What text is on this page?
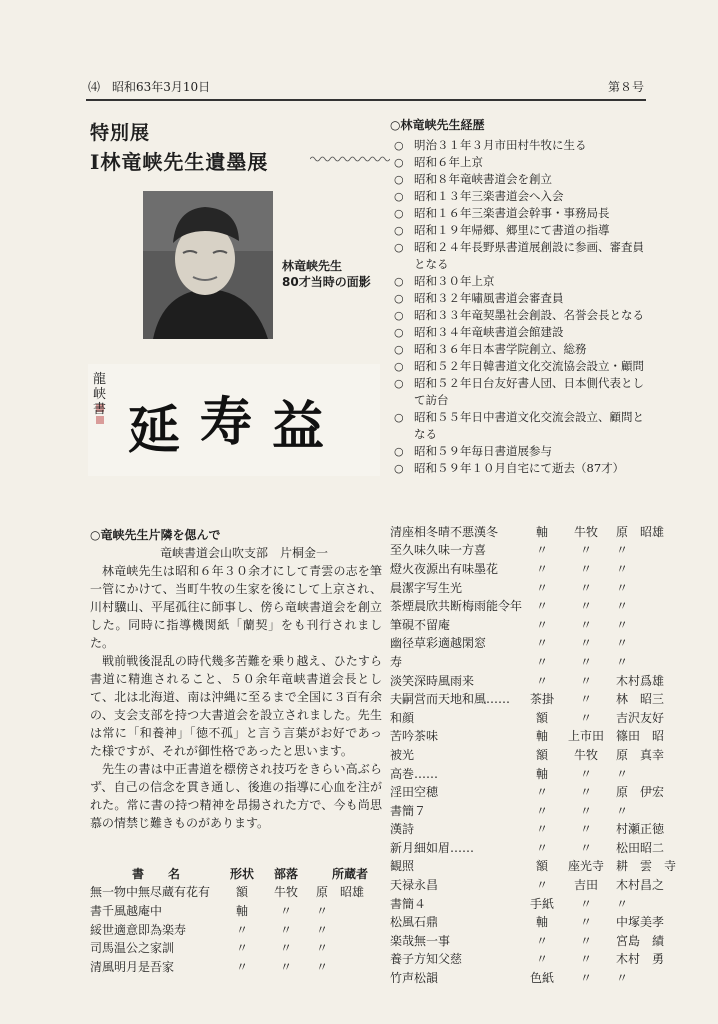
⑷　昭和63年3月10日	第８号
特別展
Ⅰ林竜峡先生遺墨展
林竜峡先生
80才当時の面影
龍峡書 延 寿 益
○林竜峡先生経歴
○ 明治３１年３月市田村牛牧に生る
○ 昭和６年上京
○ 昭和８年竜峡書道会を創立
○ 昭和１３年三楽書道会へ入会
○ 昭和１６年三楽書道会幹事・事務局長
○ 昭和１９年帰郷、郷里にて書道の指導
○ 昭和２４年長野県書道展創設に参画、審査員となる
○ 昭和３０年上京
○ 昭和３２年嘯風書道会審査員
○ 昭和３３年竜契墨社会創設、名誉会長となる
○ 昭和３４年竜峡書道会館建設
○ 昭和３６年日本書学院創立、総務
○ 昭和５２年日韓書道文化交流協会設立・顧問
○ 昭和５２年日台友好書人団、日本側代表として訪台
○ 昭和５５年日中書道文化交流会設立、顧問となる
○ 昭和５９年毎日書道展参与
○ 昭和５９年１０月自宅にて逝去（87才）
○竜峡先生片隣を偲んで
竜峡書道会山吹支部　片桐金一

林竜峡先生は昭和６年３０余才にして青雲の志を筆一管にかけて、当町牛牧の生家を後にして上京され、川村驥山、平尾孤往に師事し、傍ら竜峡書道会を創立した。同時に指導機関紙「蘭契」をも刊行されました。

戦前戦後混乱の時代幾多苦難を乗り越え、ひたすら書道に精進されること、５０余年竜峡書道会長として、北は北海道、南は沖縄に至るまで全国に３百有余の、支会支部を持つ大書道会を設立されました。先生は常に「和養神」「徳不孤」と言う言葉がお好であった様ですが、それが御性格であったと思います。

先生の書は中正書道を標傍され技巧をきらい高ぶらず、自己の信念を貫き通し、後進の指導に心血を注がれた。常に書の持つ精神を昂揚された方で、今も尚思慕の情禁じ難きものがあります。

書　　名	形状	部落	所蔵者
無一物中無尽蔵有花有	額	牛牧	原　昭雄
書千風越庵中	軸	〃	〃
綏世適意即為楽寿	〃	〃	〃
司馬温公之家訓	〃	〃	〃
清風明月是吾家	〃	〃	〃
清座相冬晴不悪漢冬	軸	牛牧	原　昭雄
至久味久味一方喜	〃	〃	〃
燈火夜源出有味墨花	〃	〃	〃
晨潔字写生光	〃	〃	〃
茶煙晨欣共断梅雨能令年	〃	〃	〃
筆硯不留庵	〃	〃	〃
幽径草彩適越閑窓	〃	〃	〃
寿	〃	〃	〃
淡笑深時風雨来	〃	〃	木村爲雄
夫嗣営而天地和風……	茶掛	〃	林　昭三
和顔	額	〃	吉沢友好
苦吟茶味	軸	上市田	篠田　昭
被光	額	牛牧	原　真幸
高巻……	軸	〃	〃
淫田空穂	〃	〃	原　伊宏
書簡７	〃	〃	〃
漢詩	〃	〃	村瀬正徳
新月細如眉……	〃	〃	松田昭二
観照	額	座光寺	耕　雲　寺
天禄永昌	〃	吉田	木村昌之
書簡４	手紙	〃	〃
松風石鼎	軸	〃	中塚美孝
楽哉無一事	〃	〃	宮島　績
養子方知父慈	〃	〃	木村　勇
竹声松韻	色紙	〃	〃
